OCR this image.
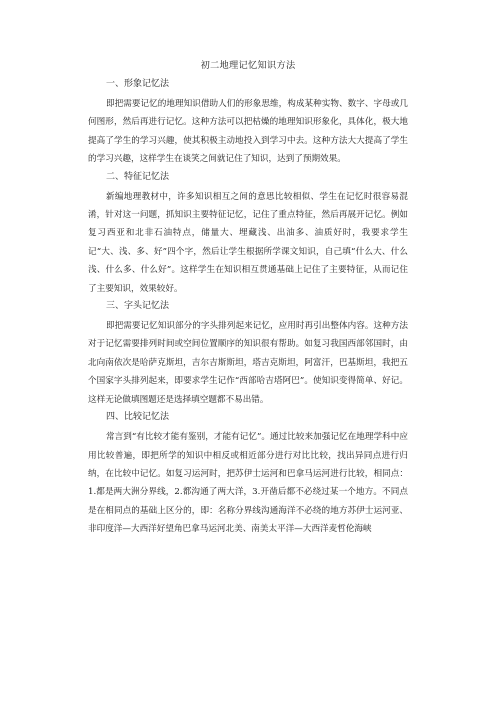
初二地理记忆知识方法
一、形象记忆法

即把需要记忆的地理知识借助人们的形象思维，构成某种实物、数字、字母或几何图形，然后再进行记忆。这种方法可以把枯燥的地理知识形象化，具体化，极大地提高了学生的学习兴趣，使其积极主动地投入到学习中去。这种方法大大提高了学生的学习兴趣，这样学生在谈笑之间就记住了知识，达到了预期效果。

二、特征记忆法

新编地理教材中，许多知识相互之间的意思比较相似、学生在记忆时很容易混淆，针对这一问题，抓知识主要特征记忆，记住了重点特征，然后再展开记忆。例如复习西亚和北非石油特点，储量大、埋藏浅、出油多、油质好时，我要求学生记“大、浅、多、好”四个字，然后让学生根据所学课文知识，自己填“什么大、什么浅、什么多、什么好”。这样学生在知识相互贯通基础上记住了主要特征，从而记住了主要知识，效果较好。

三、字头记忆法

即把需要记忆知识部分的字头排列起来记忆，应用时再引出整体内容。这种方法对于记忆需要排列时间或空间位置顺序的知识很有帮助。如复习我国西部邻国时，由北向南依次是哈萨克斯坦，吉尔吉斯斯坦，塔吉克斯坦，阿富汗，巴基斯坦，我把五个国家字头排列起来，即要求学生记作“西部哈吉塔阿巴”。使知识变得简单、好记。这样无论做填图题还是选择填空题都不易出错。

四、比较记忆法

常言到“有比较才能有鉴别，才能有记忆”。通过比较来加强记忆在地理学科中应用比较普遍，即把所学的知识中相反或相近部分进行对比比较，找出异同点进行归纳，在比较中记忆。如复习运河时，把苏伊士运河和巴拿马运河进行比较，相同点：1.都是两大洲分界线，2.都沟通了两大洋，3.开凿后都不必绕过某一个地方。不同点是在相同点的基础上区分的，即：名称分界线沟通海洋不必绕的地方苏伊士运河亚、非印度洋—大西洋好望角巴拿马运河北美、南美太平洋—大西洋麦哲伦海峡
